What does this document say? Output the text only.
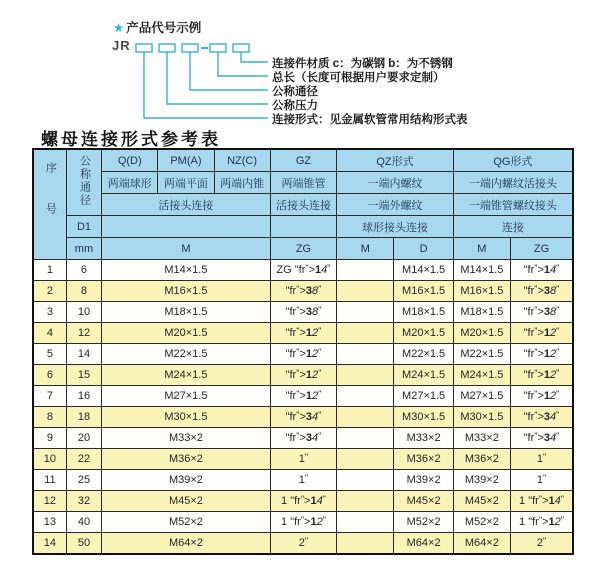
★ 产品代号示例
JR
连接件材质 c：为碳钢 b：为不锈钢
总长（长度可根据用户要求定制）
公称通径
公称压力
连接形式：见金属软管常用结构形式表
螺母连接形式参考表
序号	公称通径	Q(D)	PM(A)	NZ(C)	GZ	QZ形式		QG形式	
		两端球形	两端平面	两端内锥	两端锥管	一端内螺纹		一端内螺纹活接头	
		活接头连接			活接头连接	一端外螺纹		一端锥管螺纹接头	
	D1					球形接头连接		连接	
	mm	M			ZG	M	D	M	ZG
1	6	M14×1.5			ZG "fr">14"		M14×1.5	M14×1.5	"fr">14"
2	8	M16×1.5			"fr">38"		M16×1.5	M16×1.5	"fr">38"
3	10	M18×1.5			"fr">38"		M18×1.5	M18×1.5	"fr">38"
4	12	M20×1.5			"fr">12"		M20×1.5	M20×1.5	"fr">12"
5	14	M22×1.5			"fr">12"		M22×1.5	M22×1.5	"fr">12"
6	15	M24×1.5			"fr">12"		M24×1.5	M24×1.5	"fr">12"
7	16	M27×1.5			"fr">12"		M27×1.5	M27×1.5	"fr">12"
8	18	M30×1.5			"fr">34"		M30×1.5	M30×1.5	"fr">34"
9	20	M33×2			"fr">34"		M33×2	M33×2	"fr">34"
10	22	M36×2			1"		M36×2	M36×2	1"
11	25	M39×2			1"		M39×2	M39×2	1"
12	32	M45×2			1 "fr">14"		M45×2	M45×2	1 "fr">14"
13	40	M52×2			1 "fr">12"		M52×2	M52×2	1 "fr">12"
14	50	M64×2			2"		M64×2	M64×2	2"
